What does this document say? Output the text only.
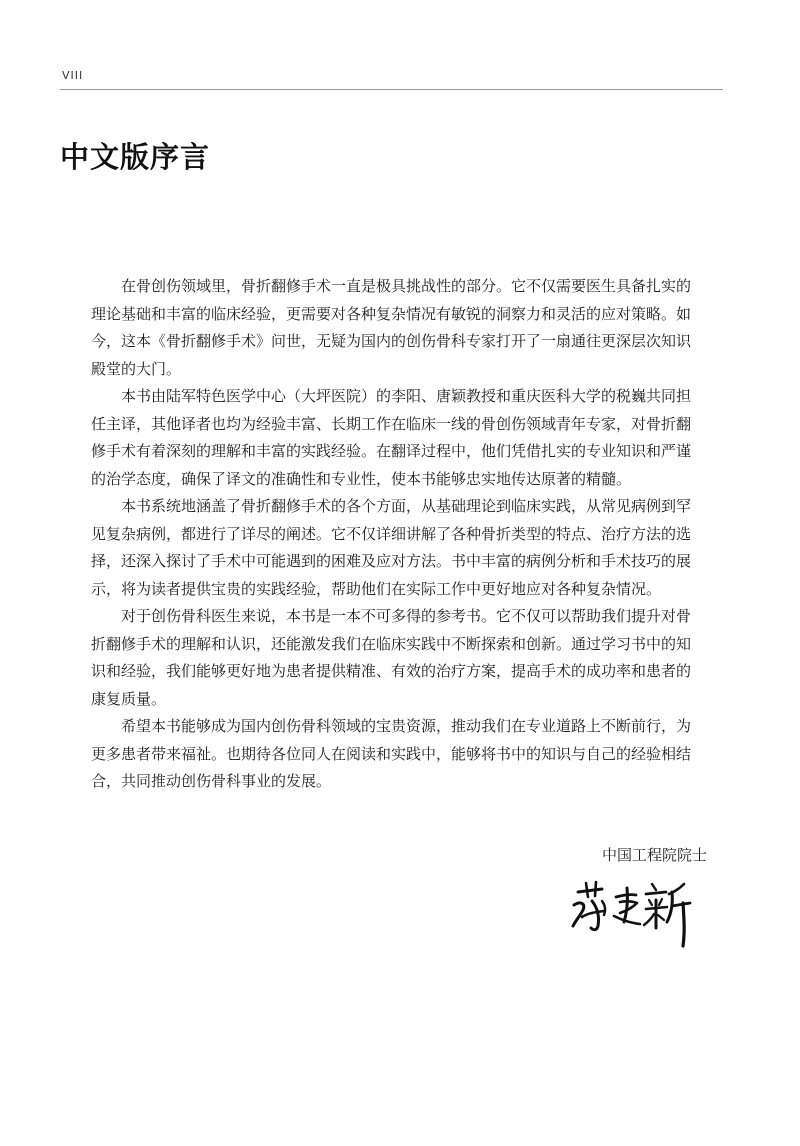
VIII
中文版序言

在骨创伤领域里，骨折翻修手术一直是极具挑战性的部分。它不仅需要医生具备扎实的理论基础和丰富的临床经验，更需要对各种复杂情况有敏锐的洞察力和灵活的应对策略。如今，这本《骨折翻修手术》问世，无疑为国内的创伤骨科专家打开了一扇通往更深层次知识殿堂的大门。

本书由陆军特色医学中心（大坪医院）的李阳、唐颖教授和重庆医科大学的税巍共同担任主译，其他译者也均为经验丰富、长期工作在临床一线的骨创伤领域青年专家，对骨折翻修手术有着深刻的理解和丰富的实践经验。在翻译过程中，他们凭借扎实的专业知识和严谨的治学态度，确保了译文的准确性和专业性，使本书能够忠实地传达原著的精髓。

本书系统地涵盖了骨折翻修手术的各个方面，从基础理论到临床实践，从常见病例到罕见复杂病例，都进行了详尽的阐述。它不仅详细讲解了各种骨折类型的特点、治疗方法的选择，还深入探讨了手术中可能遇到的困难及应对方法。书中丰富的病例分析和手术技巧的展示，将为读者提供宝贵的实践经验，帮助他们在实际工作中更好地应对各种复杂情况。

对于创伤骨科医生来说，本书是一本不可多得的参考书。它不仅可以帮助我们提升对骨折翻修手术的理解和认识，还能激发我们在临床实践中不断探索和创新。通过学习书中的知识和经验，我们能够更好地为患者提供精准、有效的治疗方案，提高手术的成功率和患者的康复质量。

希望本书能够成为国内创伤骨科领域的宝贵资源，推动我们在专业道路上不断前行，为更多患者带来福祉。也期待各位同人在阅读和实践中，能够将书中的知识与自己的经验相结合，共同推动创伤骨科事业的发展。

中国工程院院士
